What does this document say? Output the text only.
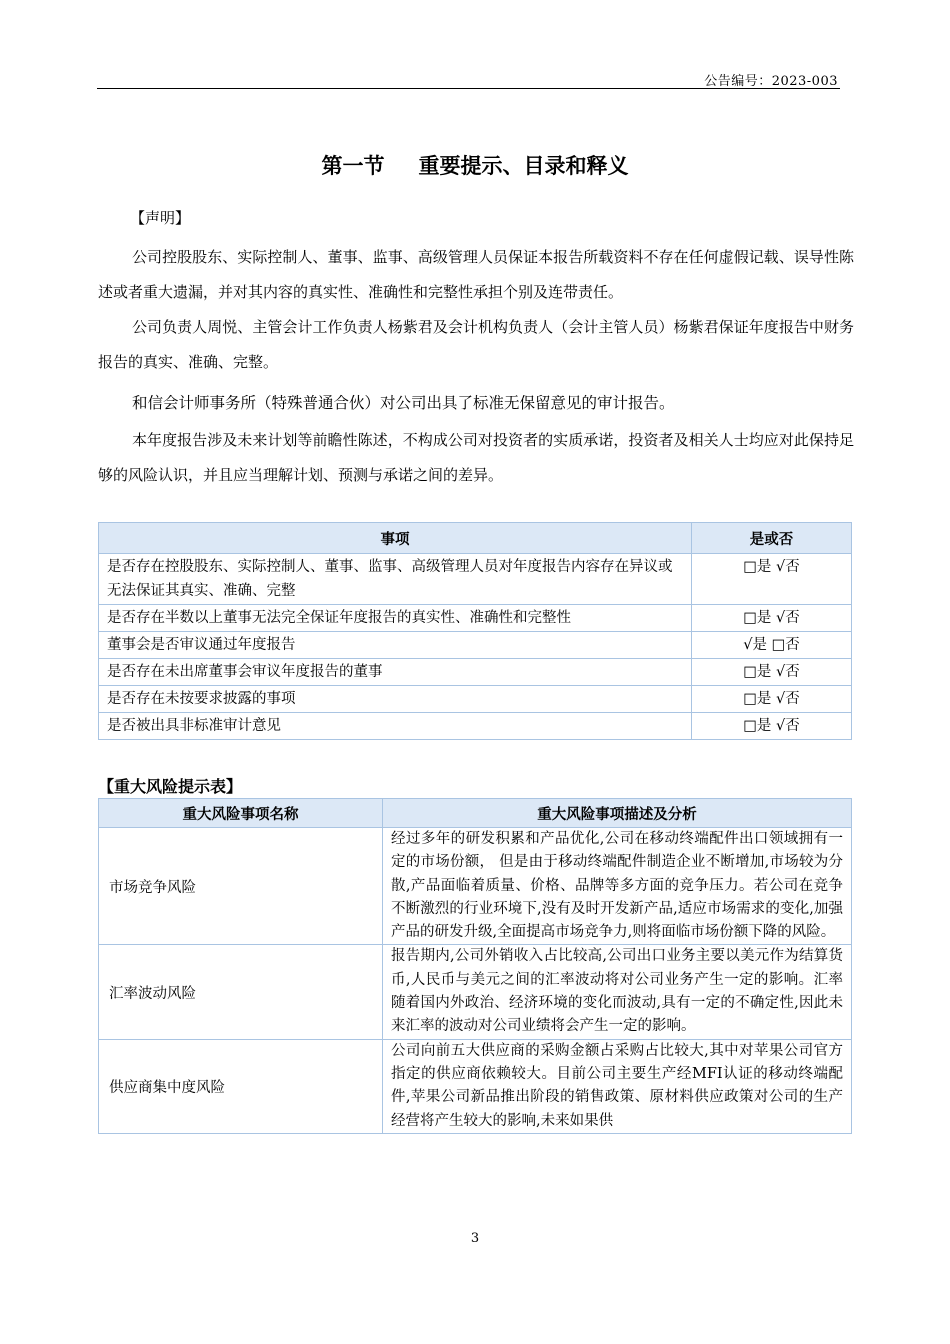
公告编号：2023-003
第一节 重要提示、目录和释义
【声明】
公司控股股东、实际控制人、董事、监事、高级管理人员保证本报告所载资料不存在任何虚假记载、误导性陈述或者重大遗漏，并对其内容的真实性、准确性和完整性承担个别及连带责任。
公司负责人周悦、主管会计工作负责人杨紫君及会计机构负责人（会计主管人员）杨紫君保证年度报告中财务报告的真实、准确、完整。
和信会计师事务所（特殊普通合伙）对公司出具了标准无保留意见的审计报告。
本年度报告涉及未来计划等前瞻性陈述，不构成公司对投资者的实质承诺，投资者及相关人士均应对此保持足够的风险认识，并且应当理解计划、预测与承诺之间的差异。
事项	是或否
是否存在控股股东、实际控制人、董事、监事、高级管理人员对年度报告内容存在异议或无法保证其真实、准确、完整	□是 √否
是否存在半数以上董事无法完全保证年度报告的真实性、准确性和完整性	□是 √否
董事会是否审议通过年度报告	√是 □否
是否存在未出席董事会审议年度报告的董事	□是 √否
是否存在未按要求披露的事项	□是 √否
是否被出具非标准审计意见	□是 √否
【重大风险提示表】
重大风险事项名称	重大风险事项描述及分析
市场竞争风险	经过多年的研发积累和产品优化,公司在移动终端配件出口领域拥有一定的市场份额， 但是由于移动终端配件制造企业不断增加,市场较为分散,产品面临着质量、价格、品牌等多方面的竞争压力。若公司在竞争不断激烈的行业环境下,没有及时开发新产品,适应市场需求的变化,加强产品的研发升级,全面提高市场竞争力,则将面临市场份额下降的风险。
汇率波动风险	报告期内,公司外销收入占比较高,公司出口业务主要以美元作为结算货币,人民币与美元之间的汇率波动将对公司业务产生一定的影响。汇率随着国内外政治、经济环境的变化而波动,具有一定的不确定性,因此未来汇率的波动对公司业绩将会产生一定的影响。
供应商集中度风险	公司向前五大供应商的采购金额占采购占比较大,其中对苹果公司官方指定的供应商依赖较大。目前公司主要生产经MFI认证的移动终端配件,苹果公司新品推出阶段的销售政策、原材料供应政策对公司的生产经营将产生较大的影响,未来如果供
3
